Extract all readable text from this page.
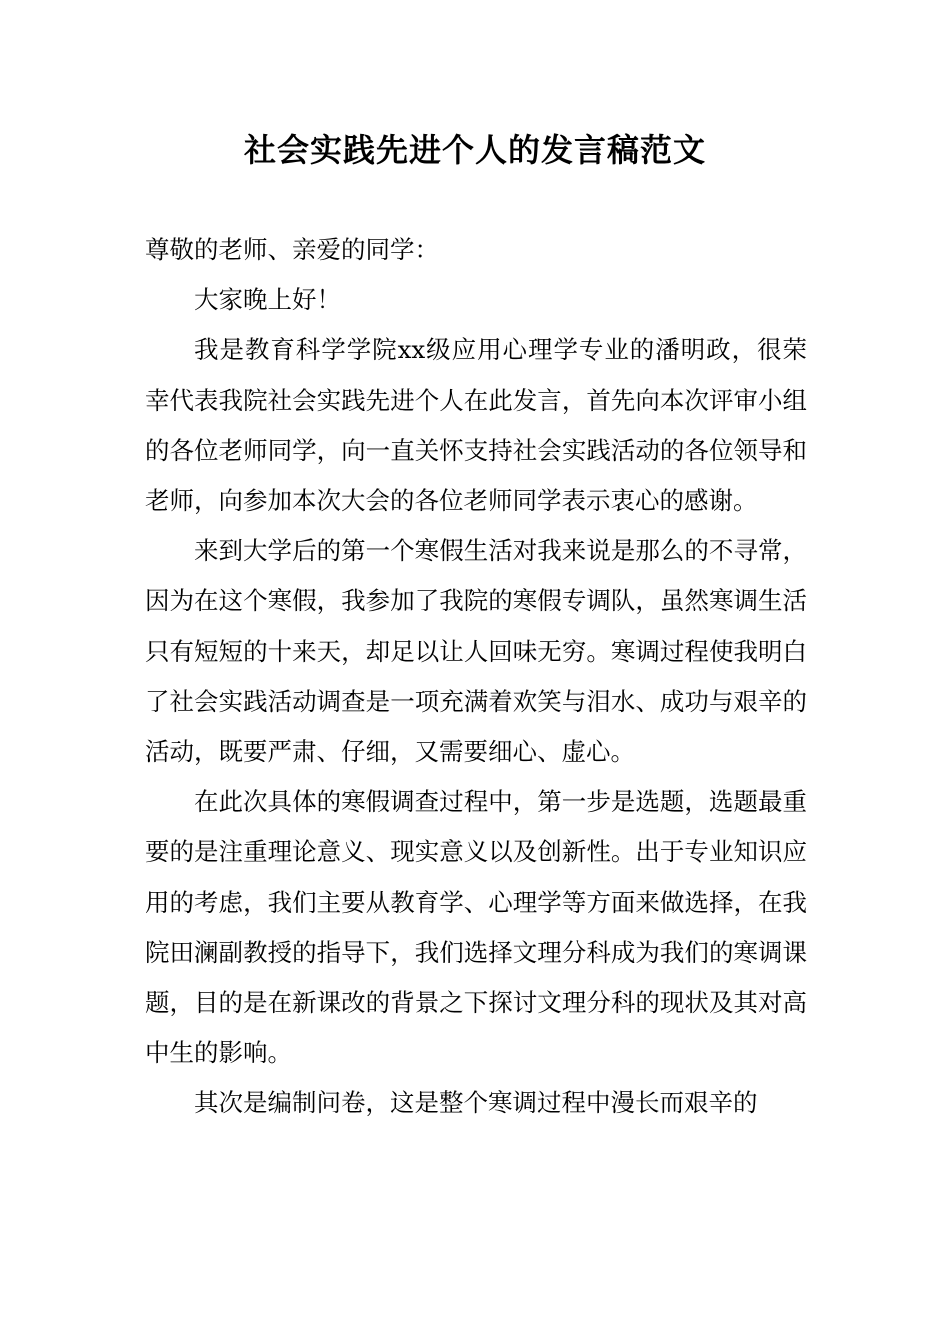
社会实践先进个人的发言稿范文

尊敬的老师、亲爱的同学：

大家晚上好！

我是教育科学学院xx级应用心理学专业的潘明政，很荣幸代表我院社会实践先进个人在此发言，首先向本次评审小组的各位老师同学，向一直关怀支持社会实践活动的各位领导和老师，向参加本次大会的各位老师同学表示衷心的感谢。

来到大学后的第一个寒假生活对我来说是那么的不寻常，因为在这个寒假，我参加了我院的寒假专调队，虽然寒调生活只有短短的十来天，却足以让人回味无穷。寒调过程使我明白了社会实践活动调查是一项充满着欢笑与泪水、成功与艰辛的活动，既要严肃、仔细，又需要细心、虚心。

在此次具体的寒假调查过程中，第一步是选题，选题最重要的是注重理论意义、现实意义以及创新性。出于专业知识应用的考虑，我们主要从教育学、心理学等方面来做选择，在我院田澜副教授的指导下，我们选择文理分科成为我们的寒调课题，目的是在新课改的背景之下探讨文理分科的现状及其对高中生的影响。

其次是编制问卷，这是整个寒调过程中漫长而艰辛的
